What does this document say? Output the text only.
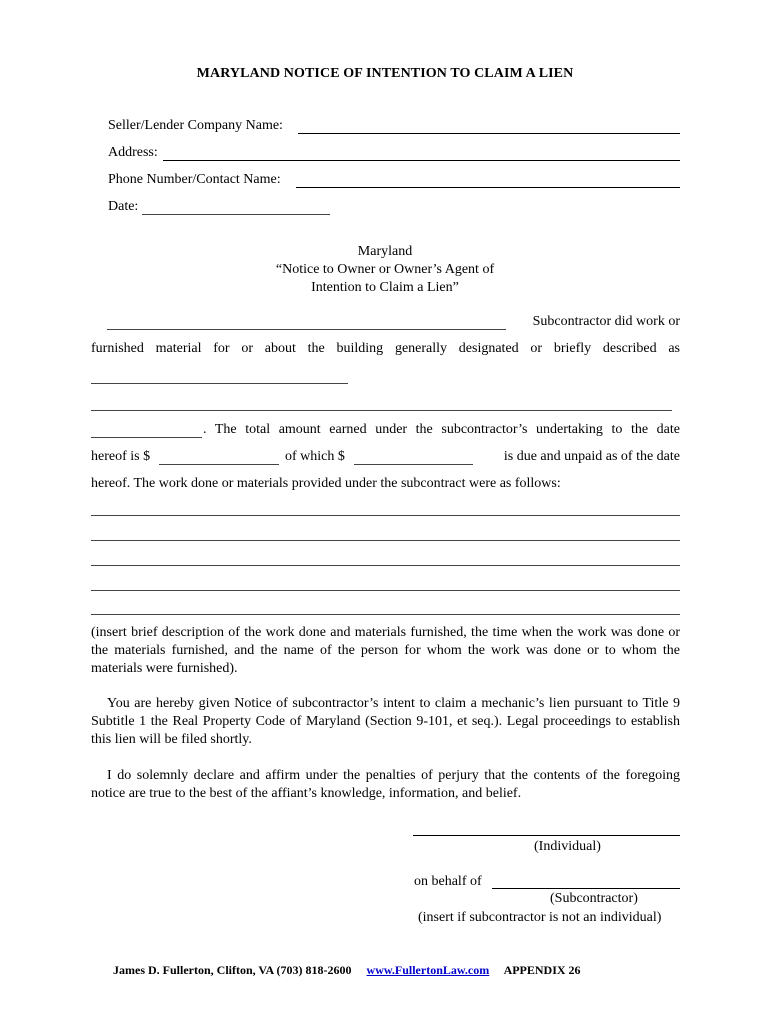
MARYLAND NOTICE OF INTENTION TO CLAIM A LIEN
Seller/Lender Company Name:
Address:
Phone Number/Contact Name:
Date:
Maryland
“Notice to Owner or Owner’s Agent of
Intention to Claim a Lien”
Subcontractor did work or
furnished material for or about the building generally designated or briefly described as
. The total amount earned under the subcontractor’s undertaking to the date
hereof is $	of which $	is due and unpaid as of the date
hereof. The work done or materials provided under the subcontract were as follows:
(insert brief description of the work done and materials furnished, the time when the work was done or the materials furnished, and the name of the person for whom the work was done or to whom the materials were furnished).
You are hereby given Notice of subcontractor’s intent to claim a mechanic’s lien pursuant to Title 9 Subtitle 1 the Real Property Code of Maryland (Section 9-101, et seq.). Legal proceedings to establish this lien will be filed shortly.
I do solemnly declare and affirm under the penalties of perjury that the contents of the foregoing notice are true to the best of the affiant’s knowledge, information, and belief.
(Individual)
on behalf of
(Subcontractor)
(insert if subcontractor is not an individual)
James D. Fullerton, Clifton, VA (703) 818-2600 www.FullertonLaw.com APPENDIX 26
